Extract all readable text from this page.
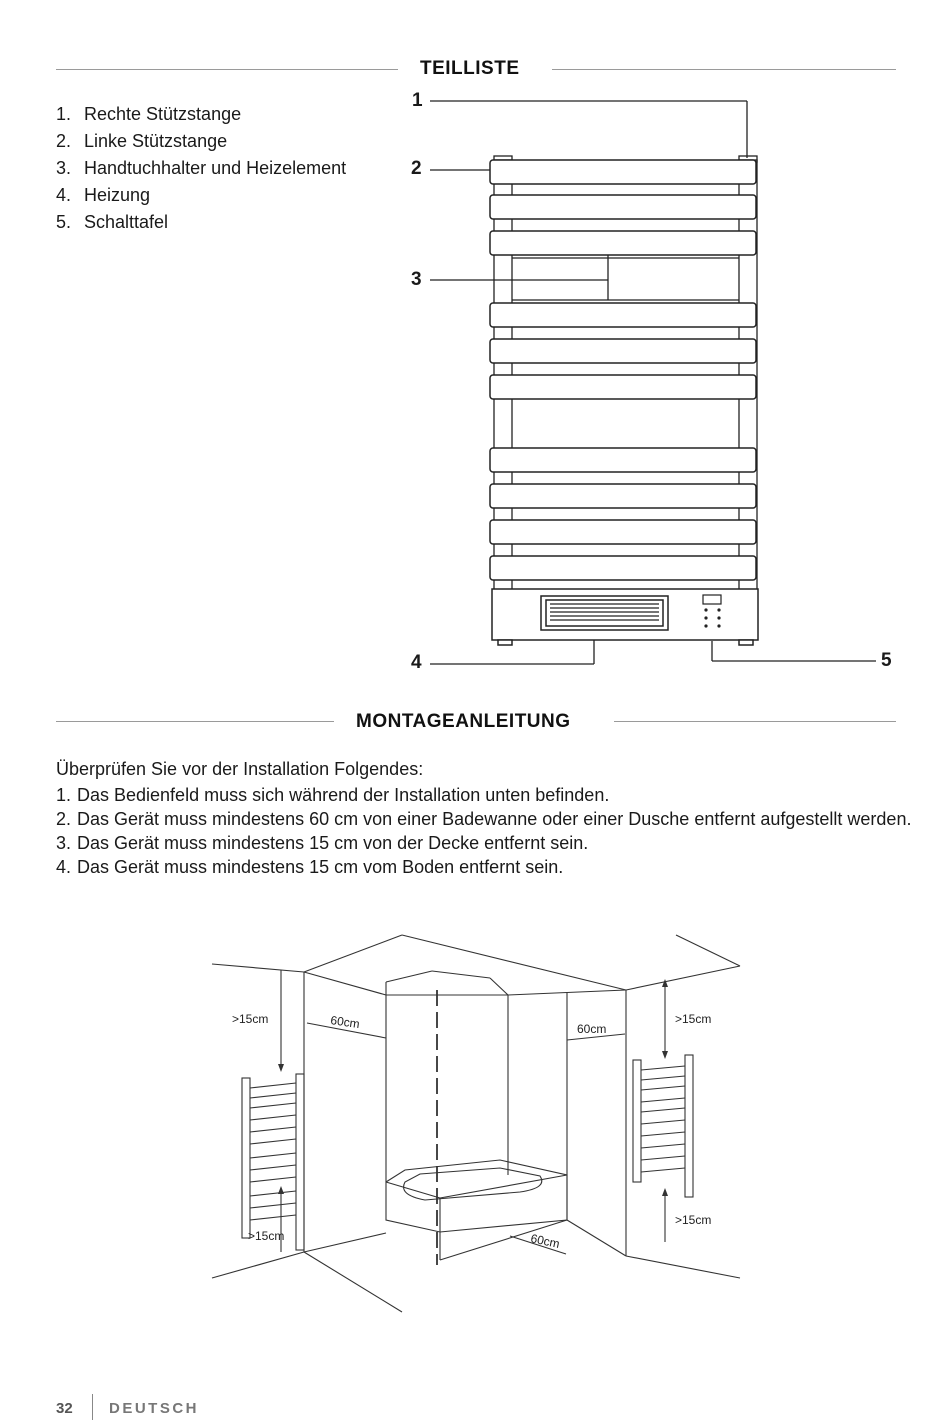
TEILLISTE
1. Rechte Stützstange
2. Linke Stützstange
3. Handtuchhalter und Heizelement
4. Heizung
5. Schalttafel
1
2
3
4	5
MONTAGEANLEITUNG
Überprüfen Sie vor der Installation Folgendes:
1. Das Bedienfeld muss sich während der Installation unten befinden.
2. Das Gerät muss mindestens 60 cm von einer Badewanne oder einer Dusche entfernt aufgestellt werden.
3. Das Gerät muss mindestens 15 cm von der Decke entfernt sein.
4. Das Gerät muss mindestens 15 cm vom Boden entfernt sein.
>15cm	60cm	60cm
>15cm
>15cm
>15cm
60cm
32 DEUTSCH
